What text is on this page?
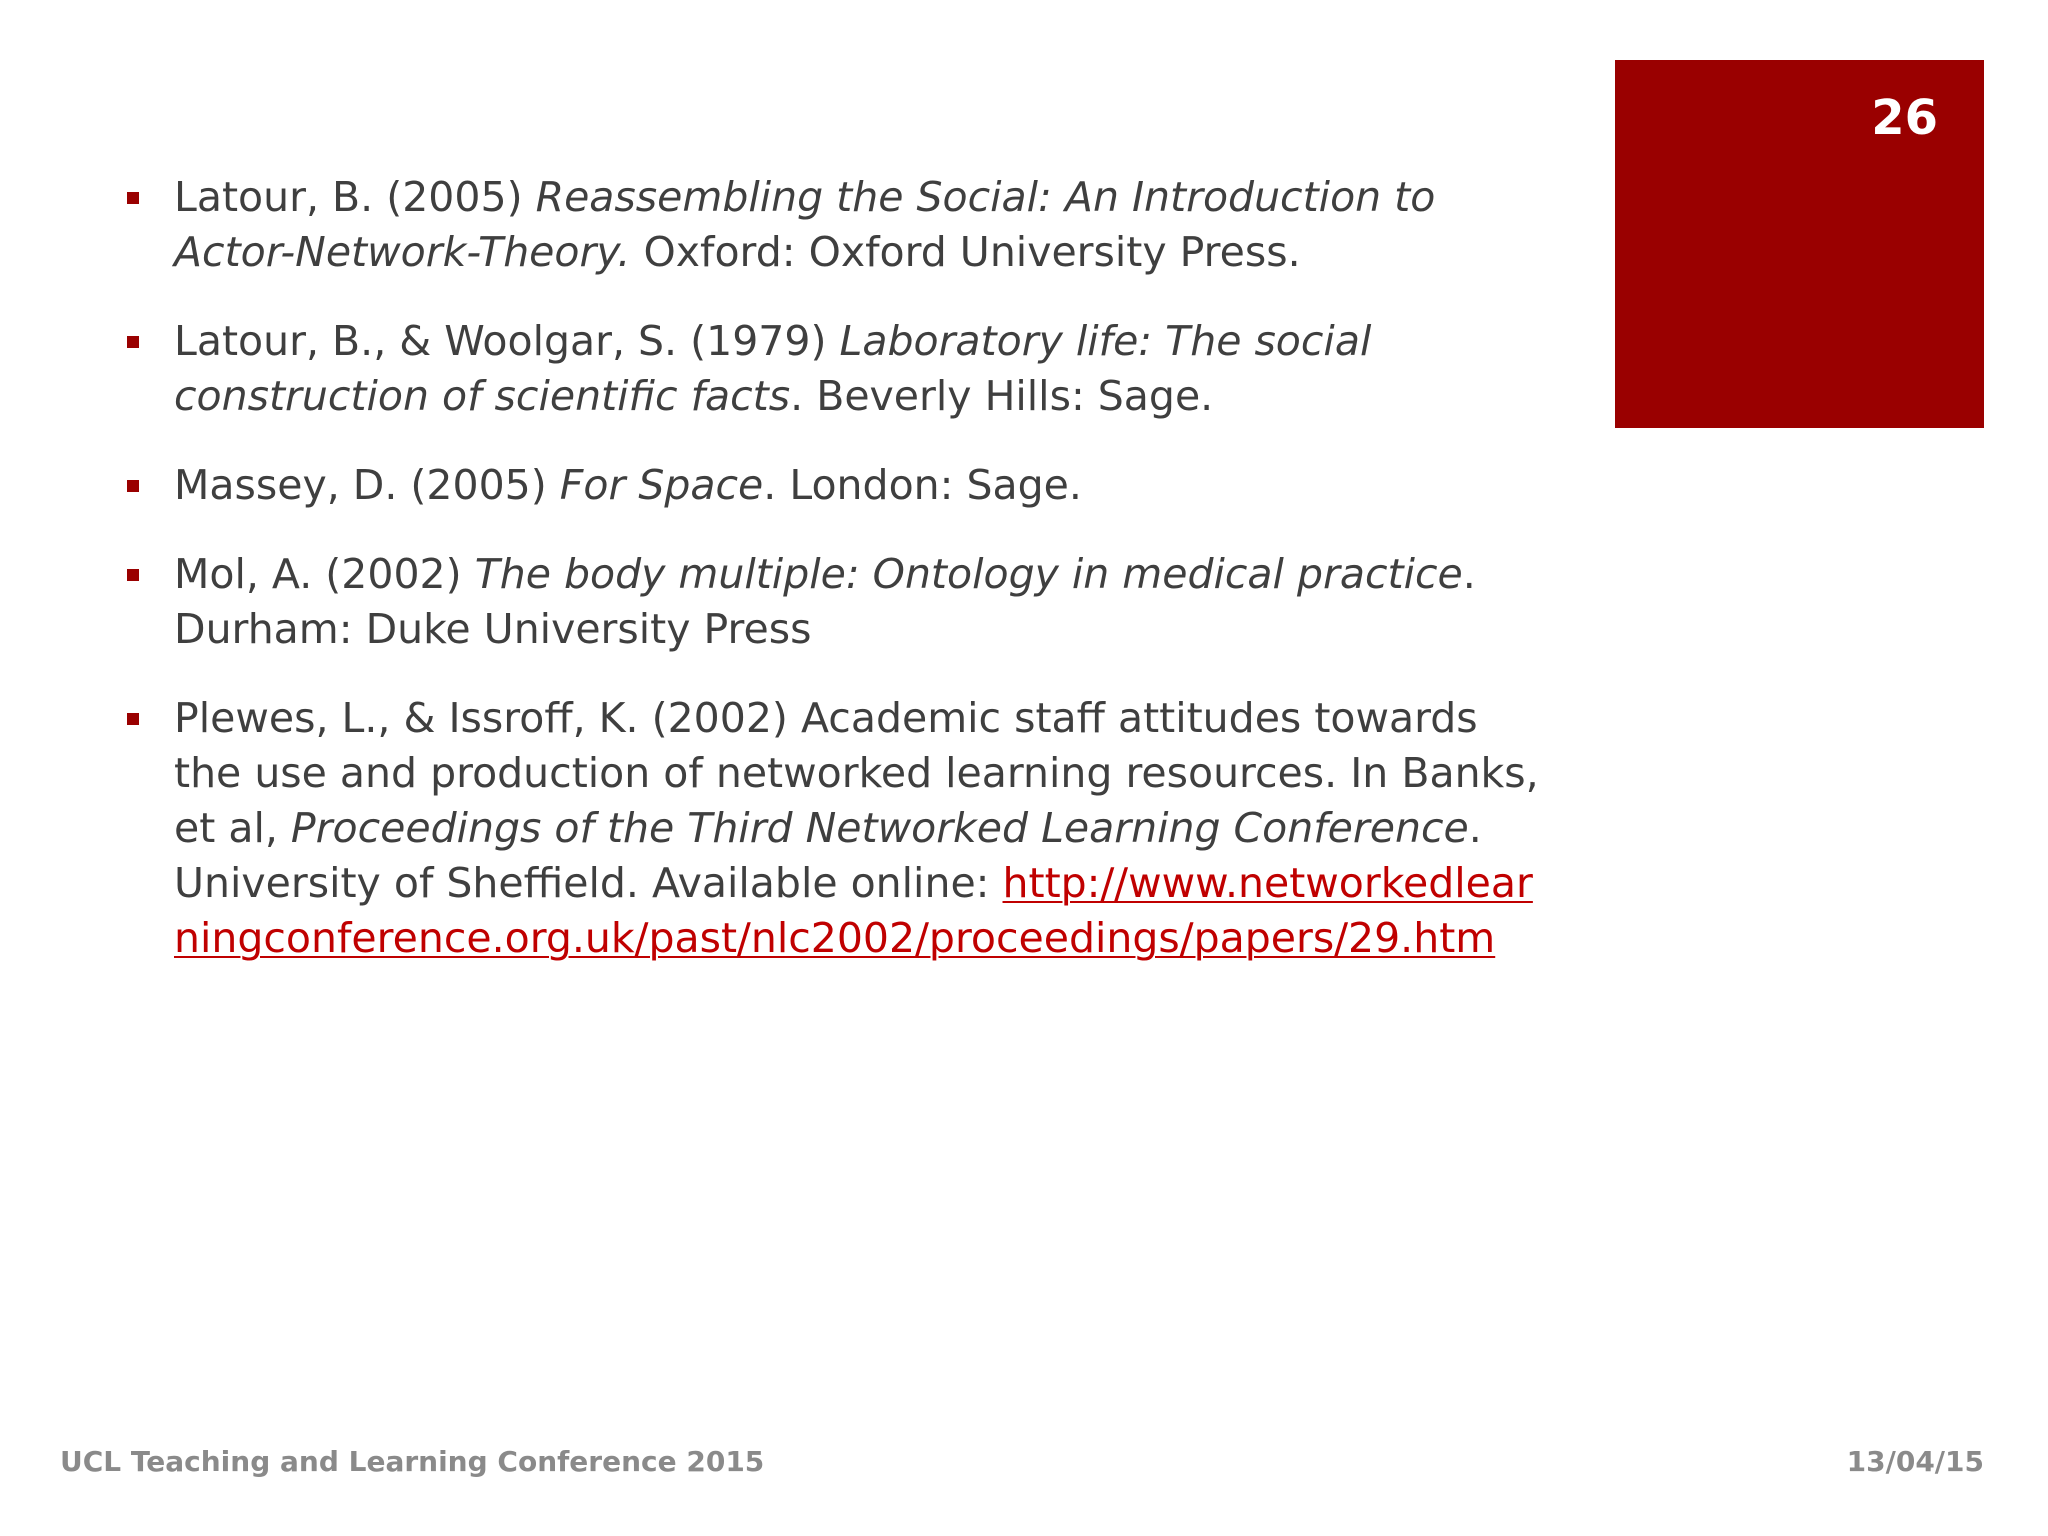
26
Latour, B. (2005) Reassembling the Social: An Introduction to Actor-Network-Theory. Oxford: Oxford University Press.
Latour, B., & Woolgar, S. (1979) Laboratory life: The social construction of scientific facts. Beverly Hills: Sage.
Massey, D. (2005) For Space. London: Sage.
Mol, A. (2002) The body multiple: Ontology in medical practice. Durham: Duke University Press
Plewes, L., & Issroff, K. (2002) Academic staff attitudes towards the use and production of networked learning resources. In Banks, et al, Proceedings of the Third Networked Learning Conference. University of Sheffield. Available online: http://www.networkedlearningconference.org.uk/past/nlc2002/proceedings/papers/29.htm
UCL Teaching and Learning Conference 2015	13/04/15
